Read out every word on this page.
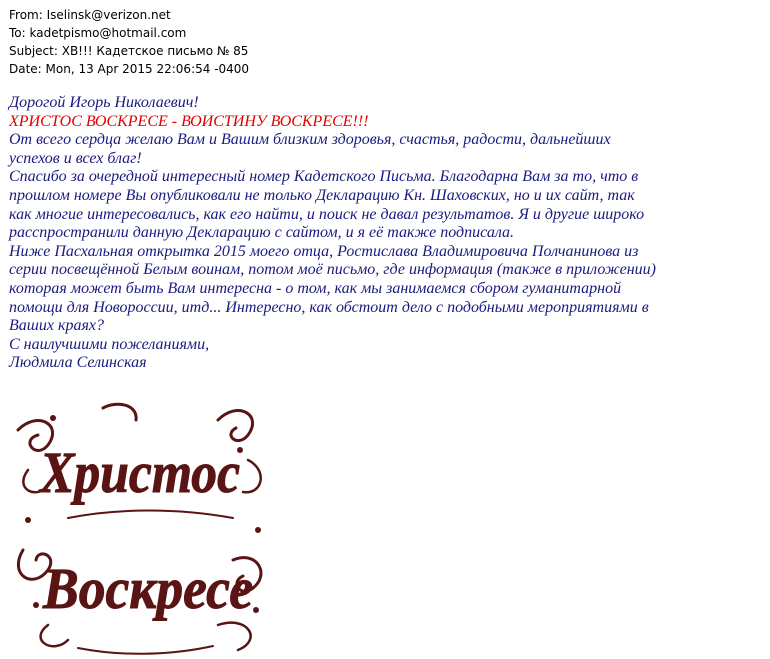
From: Iselinsk@verizon.net
To: kadetpismo@hotmail.com
Subject: ХВ!!! Кадетское письмо № 85
Date: Mon, 13 Apr 2015 22:06:54 -0400
Дорогой Игорь Николаевич!
ХРИСТОС ВОСКРЕСЕ - ВОИСТИНУ ВОСКРЕСЕ!!!
От всего сердца желаю Вам и Вашим близким здоровья, счастья, радости, дальнейших
успехов и всех благ!
Спасибо за очередной интересный номер Кадетского Письма. Благодарна Вам за то, что в
прошлом номере Вы опубликовали не только Декларацию Кн. Шаховских, но и их сайт, так
как многие интересовались, как его найти, и поиск не давал результатов. Я и другие широко
расспространили данную Декларацию с сайтом, и я её также подписала.
Ниже Пасхальная открытка 2015 моего отца, Ростислава Владимировича Полчанинова из
серии посвещённой Белым воинам, потом моё письмо, где информация (также в приложении)
которая может быть Вам интересна - о том, как мы занимаемся сбором гуманитарной
помощи для Новороссии, итд... Интересно, как обстоит дело с подобными мероприятиями в
Ваших краях?
С наилучшими пожеланиями,
Людмила Селинская
Христос
Воскресе
